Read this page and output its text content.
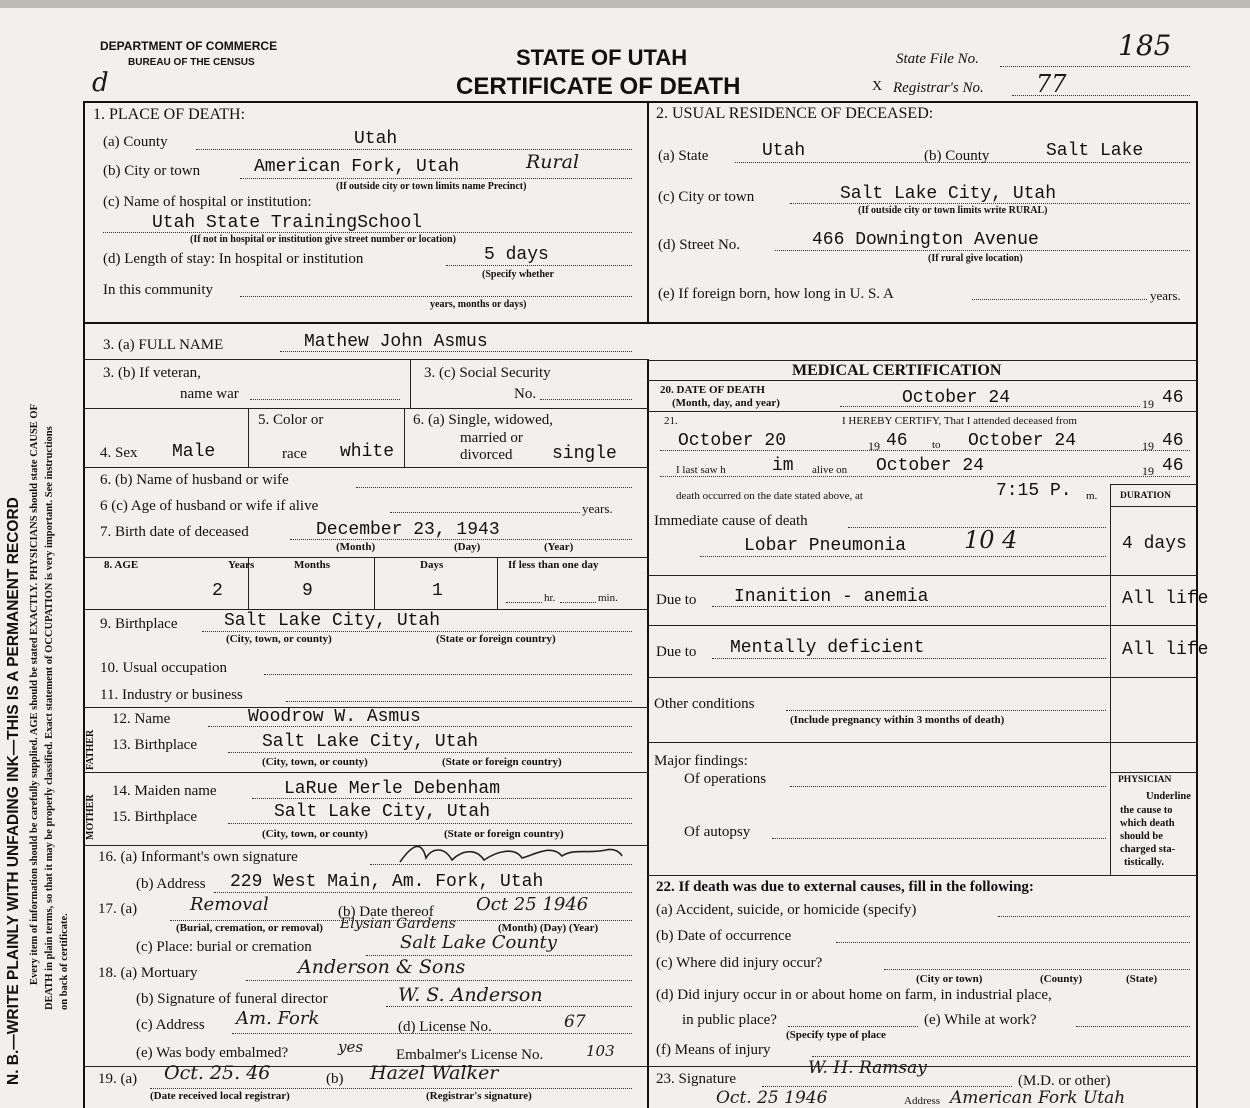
DEPARTMENT OF COMMERCE
BUREAU OF THE CENSUS	STATE OF UTAH
CERTIFICATE OF DEATH
d
State File No.	185
X Registrar's No. 77
N. B.—WRITE PLAINLY WITH UNFADING INK—THIS IS A PERMANENT RECORD Every item of information should be carefully supplied. AGE should be stated EXACTLY. PHYSICIANS should state CAUSE OF DEATH in plain terms, so that it may be properly classified. Exact statement of OCCUPATION is very important. See instructions on back of certificate.
1. PLACE OF DEATH:
(a) County	Utah
(b) City or town	American Fork, Utah	Rural
(If outside city or town limits name Precinct)
(c) Name of hospital or institution:
Utah State TrainingSchool
(If not in hospital or institution give street number or location)
(d) Length of stay: In hospital or institution	5 days
(Specify whether
In this community
years, months or days)
2. USUAL RESIDENCE OF DECEASED:
(a) State	Utah	(b) County	Salt Lake
(c) City or town	Salt Lake City, Utah
(If outside city or town limits write RURAL)
(d) Street No.	466 Downington Avenue
(If rural give location)
(e) If foreign born, how long in U. S. A	years.
3. (a) FULL NAME	Mathew John Asmus
3. (b) If veteran,
name war
3. (c) Social Security
No.
4. Sex Male
5. Color or
race white
6. (a) Single, widowed,
married or
divorced single
6. (b) Name of husband or wife
6 (c) Age of husband or wife if alive	years.
7. Birth date of deceased	December 23, 1943
(Month)	(Day)	(Year)
8. AGE	Years	Months	Days	If less than one day
2	9	1	hr.	min.
9. Birthplace	Salt Lake City, Utah
(City, town, or county)	(State or foreign country)
10. Usual occupation
11. Industry or business
FATHER
MOTHER
12. Name	Woodrow W. Asmus
13. Birthplace	Salt Lake City, Utah
(City, town, or county)	(State or foreign country)
14. Maiden name	LaRue Merle Debenham
15. Birthplace	Salt Lake City, Utah
(City, town, or county)	(State or foreign country)
16. (a) Informant's own signature
(b) Address 229 West Main, Am. Fork, Utah
17. (a)	Removal	(b) Date thereof Oct 25 1946
(Burial, cremation, or removal) Elysian Gardens	(Month) (Day) (Year)
(c) Place: burial or cremation	Salt Lake County
18. (a) Mortuary	Anderson & Sons
(b) Signature of funeral director	W. S. Anderson
(c) Address Am. Fork	(d) License No.	67
(e) Was body embalmed?	yes Embalmer's License No.	103
19. (a) Oct. 25. 46	(b) Hazel Walker
(Date received local registrar)	(Registrar's signature)
MEDICAL CERTIFICATION
20. DATE OF DEATH
(Month, day, and year)	October 24	19 46
21.	I HEREBY CERTIFY, That I attended deceased from
October 20	19 46 to October 24	19 46
I last saw h	im alive on October 24	19 46
death occurred on the date stated above, at	7:15 P. m. DURATION
Immediate cause of death
Lobar Pneumonia 10 4	4 days
Due to Inanition - anemia	All life
Due to Mentally deficient	All life
Other conditions
(Include pregnancy within 3 months of death)
Major findings:
Of operations
Of autopsy
PHYSICIAN
Underline
the cause to
which death
should be
charged sta-
tistically.
22. If death was due to external causes, fill in the following:
(a) Accident, suicide, or homicide (specify)
(b) Date of occurrence
(c) Where did injury occur?
(City or town)	(County)	(State)
(d) Did injury occur in or about home on farm, in industrial place,
in public place?
(Specify type of place
(e) While at work?
(f) Means of injury
23. Signature
W. H. Ramsay
(M.D. or other)
Oct. 25 1946	Address American Fork Utah
